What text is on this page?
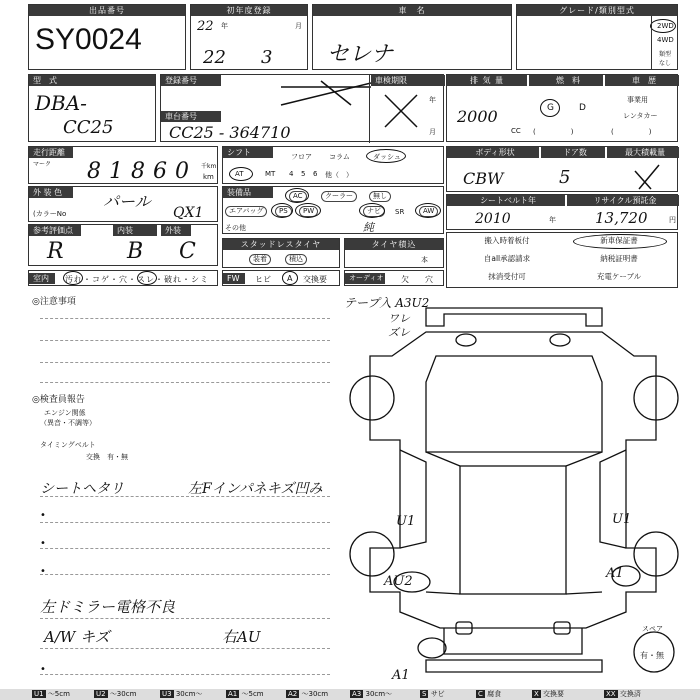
出品番号
SY0024
初年度登録
22 年
22 3
月
車　名
セレナ
グレード/類別型式
2WD
4WD
類型なし
型　式
DBA-
CC25
登録番号	車検期限
車台番号
CC25 - 364710
年
月
排 気 量	燃　料	車　歴
2000
CC
G	D
(　　　　　)
事業用
レンタカー
(　　　　　)
走行距離
マーク 81860 千km
km
シフト	フロア コラム	ダッシュ
AT	MT 4 5 6 他（　）
ボディ形状	ドア数	最大積載量
CBW	5
外 装 色	パール
(カラーNo	QX1
装備品	AC	クーラー	無し
エアバッグ	PS	PW	ナビ	SR	AW
その他	純
シートベルト年	リサイクル預託金
2010	年	13,720	円
参考評価点	内装	外装
R	B C	スタッドレスタイヤ
装着	積込
タイヤ積込
本
搬入時着板付	新車保証書
自all承認請求	納税証明書
抹消受付可	充電ケーブル
室内	汚れ・コゲ・穴・スレ・破れ・シミ	FW	ヒビ A 交換要	オーディオ 欠 穴
◎注意事項
◎検査員報告
エンジン関係
（異音・不調等）
タイミングベルト
交換　有・無
•
•
•
•
シートヘタリ	左Fインパネキズ凹み
左ドミラー電格不良
A/W キズ	右AU
テープ入 A3U2
ワレ
ズレ
U1	U1
AU2
A1
A1
スペア
有・無
U1 ～5cm	U2 ～30cm	U3 30cm～	A1 ～5cm	A2 ～30cm	A3 30cm～	S サビ	C 腐食	X 交換要	XX 交換済
